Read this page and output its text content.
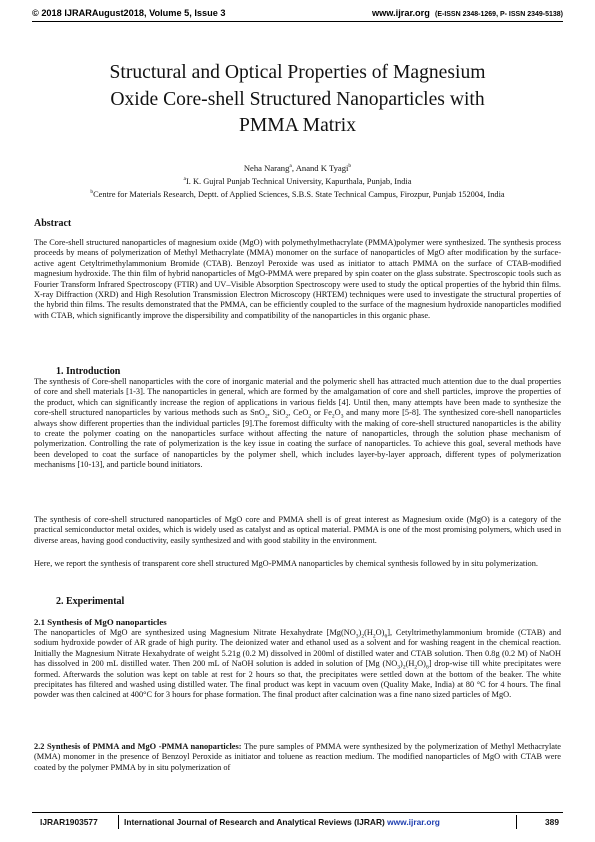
© 2018 IJRARAugust2018, Volume 5, Issue 3	www.ijrar.org (E-ISSN 2348-1269, P- ISSN 2349-5138)
Structural and Optical Properties of Magnesium
Oxide Core-shell Structured Nanoparticles with
PMMA Matrix
Neha Narang$^a$, Anand K Tyagi$^b$
$^a$I. K. Gujral Punjab Technical University, Kapurthala, Punjab, India
$^b$Centre for Materials Research, Deptt. of Applied Sciences, S.B.S. State Technical Campus, Firozpur, Punjab 152004, India
Abstract
The Core-shell structured nanoparticles of magnesium oxide (MgO) with polymethylmethacrylate (PMMA)polymer were synthesized. The synthesis process proceeds by means of polymerization of Methyl Methacrylate (MMA) monomer on the surface of nanoparticles of MgO after modification by the surface-active agent Cetyltrimethylammonium Bromide (CTAB). Benzoyl Peroxide was used as initiator to attach PMMA on the surface of CTAB-modified magnesium hydroxide. The thin film of hybrid nanoparticles of MgO-PMMA were prepared by spin coater on the glass substrate. Spectroscopic tools such as Fourier Transform Infrared Spectroscopy (FTIR) and UV–Visible Absorption Spectroscopy were used to study the optical properties of the hybrid thin films. X-ray Diffraction (XRD) and High Resolution Transmission Electron Microscopy (HRTEM) techniques were used to investigate the structural properties of the hybrid thin films. The results demonstrated that the PMMA, can be efficiently coupled to the surface of the magnesium hydroxide nanoparticles modified with CTAB, which significantly improve the dispersibility and compatibility of the nanoparticles in this organic phase.
1. Introduction
The synthesis of Core-shell nanoparticles with the core of inorganic material and the polymeric shell has attracted much attention due to the dual properties of core and shell materials [1-3]. The nanoparticles in general, which are formed by the amalgamation of core and shell particles, improve the properties of the product, which can significantly increase the region of applications in various fields [4]. Until then, many attempts have been made to synthesize the core-shell structured nanoparticles by various methods such as SnO$_2$, SiO$_2$, CeO$_2$ or $Fe_2O_3$ and many more [5-8]. The synthesized core-shell nanoparticles always show different properties than the individual particles [9].The foremost difficulty with the making of core-shell structured nanoparticles is the ability to create the polymer coating on the nanoparticles surface without affecting the nature of nanoparticles, through the solution phase mechanism of polymerization. Controlling the rate of polymerization is the key issue in coating the surface of nanoparticles. To achieve this goal, several methods have been developed to coat the surface of nanoparticles by the polymer shell, which includes layer-by-layer approach, different types of polymerization mechanisms [10-13], and particle bound initiators.
The synthesis of core-shell structured nanoparticles of MgO core and PMMA shell is of great interest as Magnesium oxide (MgO) is a category of the practical semiconductor metal oxides, which is widely used as catalyst and as optical material. PMMA is one of the most promising polymers, which used in diverse areas, having good conductivity, easily synthesized and with good stability in the environment.
Here, we report the synthesis of transparent core shell structured MgO-PMMA nanoparticles by chemical synthesis followed by in situ polymerization.
2. Experimental
2.1 Synthesis of MgO nanoparticles
The nanoparticles of MgO are synthesized using Magnesium Nitrate Hexahydrate $[Mg(NO_3)_2(H_2O)_6]$, Cetyltrimethylammonium bromide (CTAB) and sodium hydroxide powder of AR grade of high purity. The deionized water and ethanol used as a solvent and for washing reagent in the chemical reaction. Initially the Magnesium Nitrate Hexahydrate of weight 5.21g (0.2 M) dissolved in 200ml of distilled water and CTAB solution. Then 0.8g (0.2 M) of NaOH has dissolved in 200 mL distilled water. Then 200 mL of NaOH solution is added in solution of [Mg $(NO_3)_2(H_2O)_6$] drop-wise till white precipitates were formed. Afterwards the solution was kept on table at rest for 2 hours so that, the precipitates were settled down at the bottom of the beaker. The white precipitates has filtered and washed using distilled water. The final product was kept in vacuum oven (Quality Make, India) at 80 °C for 4 hours. The final powder was then calcined at 400°C for 3 hours for phase formation. The final product after calcination was a fine nano sized particles of MgO.
2.2 Synthesis of PMMA and MgO -PMMA nanoparticles: The pure samples of PMMA were synthesized by the polymerization of Methyl Methacrylate (MMA) monomer in the presence of Benzoyl Peroxide as initiator and toluene as reaction medium. The modified nanoparticles of MgO with CTAB were coated by the polymer PMMA by in situ polymerization of
IJRAR1903577	International Journal of Research and Analytical Reviews (IJRAR) www.ijrar.org	389
